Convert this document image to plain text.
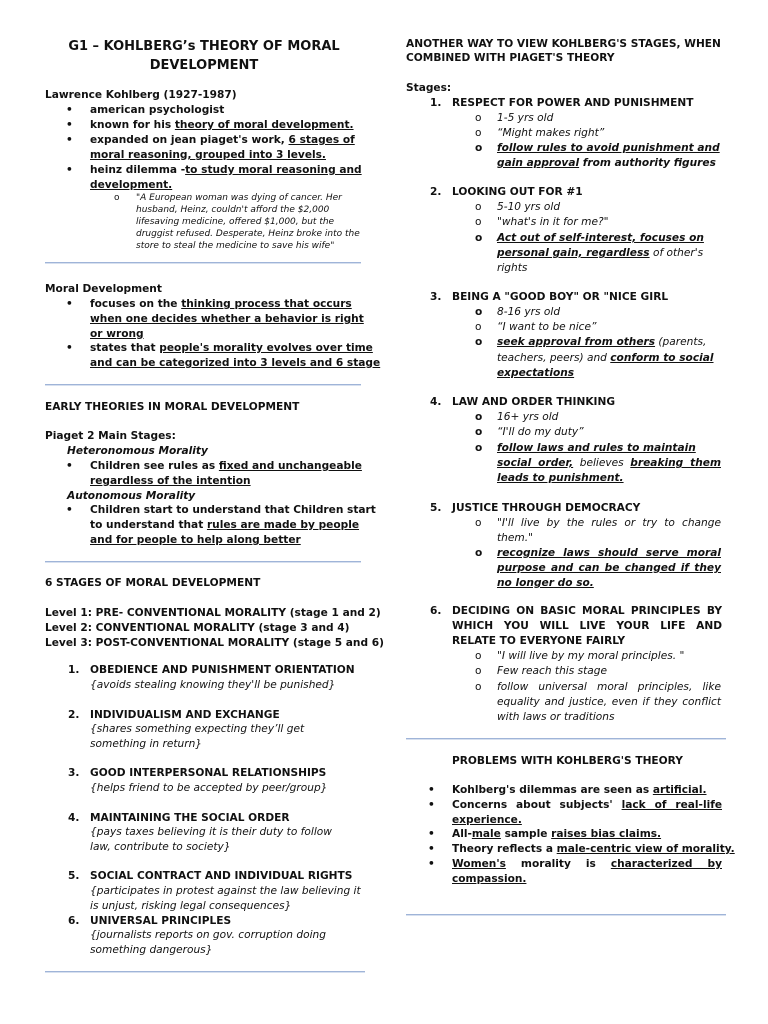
G1 – KOHLBERG’s THEORY OF MORAL
DEVELOPMENT
Lawrence Kohlberg (1927-1987)
• american psychologist
• known for his theory of moral development.
• expanded on jean piaget's work, 6 stages of
moral reasoning, grouped into 3 levels.
• heinz dilemma -to study moral reasoning and
development.
o "A European woman was dying of cancer. Her husband, Heinz, couldn't afford the $2,000 lifesaving medicine, offered $1,000, but the druggist refused. Desperate, Heinz broke into the store to steal the medicine to save his wife"
Moral Development
• focuses on the thinking process that occurs
when one decides whether a behavior is right
or wrong
• states that people's morality evolves over time
and can be categorized into 3 levels and 6 stage
EARLY THEORIES IN MORAL DEVELOPMENT
Piaget 2 Main Stages:
Heteronomous Morality
• Children see rules as fixed and unchangeable
regardless of the intention
Autonomous Morality
• Children start to understand that Children start
to understand that rules are made by people
and for people to help along better
6 STAGES OF MORAL DEVELOPMENT
Level 1: PRE- CONVENTIONAL MORALITY (stage 1 and 2)
Level 2: CONVENTIONAL MORALITY (stage 3 and 4)
Level 3: POST-CONVENTIONAL MORALITY (stage 5 and 6)
1. OBEDIENCE AND PUNISHMENT ORIENTATION
{avoids stealing knowing they'll be punished}
2. INDIVIDUALISM AND EXCHANGE
{shares something expecting they’ll get something in return}
3. GOOD INTERPERSONAL RELATIONSHIPS
{helps friend to be accepted by peer/group}
4. MAINTAINING THE SOCIAL ORDER
{pays taxes believing it is their duty to follow law, contribute to society}
5. SOCIAL CONTRACT AND INDIVIDUAL RIGHTS
{participates in protest against the law believing it is unjust, risking legal consequences}
6. UNIVERSAL PRINCIPLES
{journalists reports on gov. corruption doing something dangerous}
ANOTHER WAY TO VIEW KOHLBERG'S STAGES, WHEN
COMBINED WITH PIAGET'S THEORY
Stages:
1. RESPECT FOR POWER AND PUNISHMENT
o 1-5 yrs old
o “Might makes right”
o follow rules to avoid punishment and
gain approval from authority figures
2. LOOKING OUT FOR #1
o 5-10 yrs old
o "what's in it for me?"
o Act out of self-interest, focuses on
personal gain, regardless of other's
rights
3. BEING A "GOOD BOY" OR "NICE GIRL
o 8-16 yrs old
o “I want to be nice”
o seek approval from others (parents,
teachers, peers) and conform to social
expectations
4. LAW AND ORDER THINKING
o 16+ yrs old
o “I'll do my duty”
o follow laws and rules to maintain
social order, believes breaking them
leads to punishment.
5. JUSTICE THROUGH DEMOCRACY
o "I'll live by the rules or try to change them."
o recognize laws should serve moral purpose and can be changed if they no longer do so.
6. DECIDING ON BASIC MORAL PRINCIPLES BY WHICH YOU WILL LIVE YOUR LIFE AND RELATE TO EVERYONE FAIRLY
o "I will live by my moral principles. "
o Few reach this stage
o follow universal moral principles, like equality and justice, even if they conflict with laws or traditions
PROBLEMS WITH KOHLBERG'S THEORY
• Kohlberg's dilemmas are seen as artificial.
• Concerns about subjects' lack of real-life
experience.
• All-male sample raises bias claims.
• Theory reflects a male-centric view of morality.
• Women's morality is characterized by
compassion.
